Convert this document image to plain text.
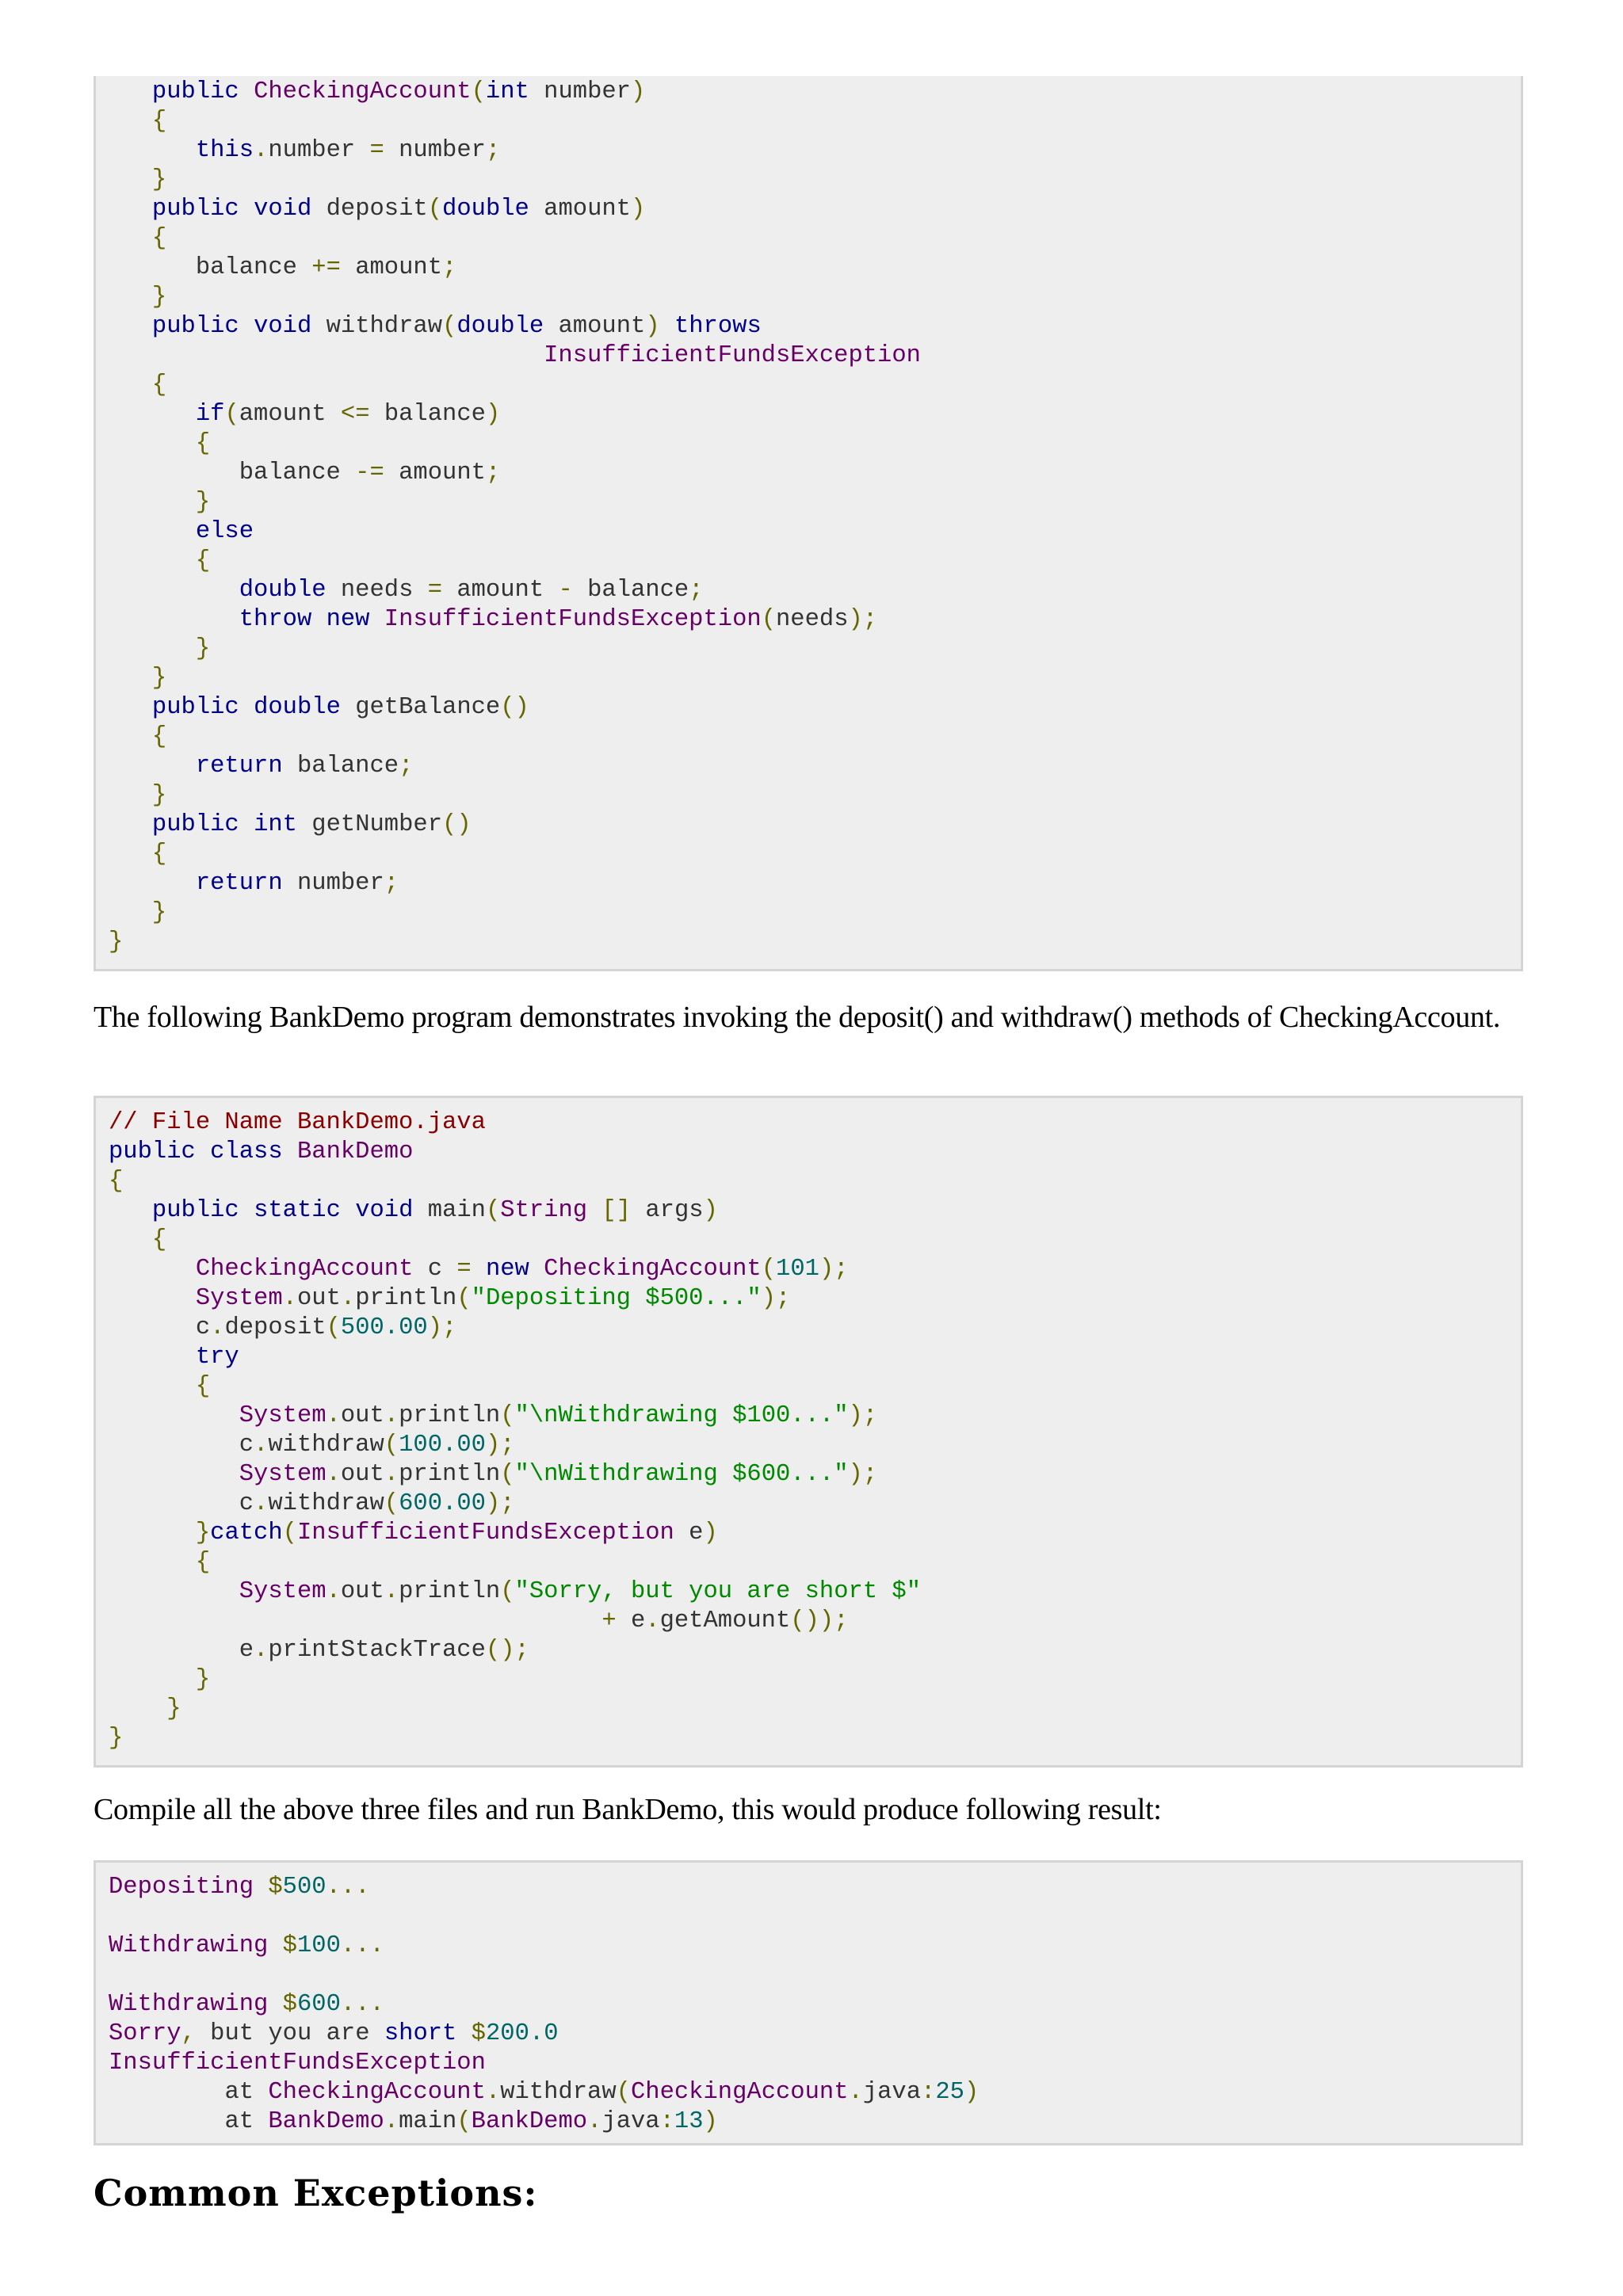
public CheckingAccount(int number)
{
this.number = number;
}
public void deposit(double amount)
{
balance += amount;
}
public void withdraw(double amount) throws
InsufficientFundsException
{
if(amount <= balance)
{
balance -= amount;
}
else
{
double needs = amount - balance;
throw new InsufficientFundsException(needs);
}
}
public double getBalance()
{
return balance;
}
public int getNumber()
{
return number;
}
}

The following BankDemo program demonstrates invoking the deposit() and withdraw() methods of CheckingAccount.

// File Name BankDemo.java
public class BankDemo
{
public static void main(String [] args)
{
CheckingAccount c = new CheckingAccount(101);
System.out.println("Depositing $500...");
c.deposit(500.00);
try
{
System.out.println("\nWithdrawing $100...");
c.withdraw(100.00);
System.out.println("\nWithdrawing $600...");
c.withdraw(600.00);
}catch(InsufficientFundsException e)
{
System.out.println("Sorry, but you are short $"
+ e.getAmount());
e.printStackTrace();
}
}
}

Compile all the above three files and run BankDemo, this would produce following result:

Depositing $500...

Withdrawing $100...

Withdrawing $600...
Sorry, but you are short $200.0
InsufficientFundsException
at CheckingAccount.withdraw(CheckingAccount.java:25)
at BankDemo.main(BankDemo.java:13)
Common Exceptions:
